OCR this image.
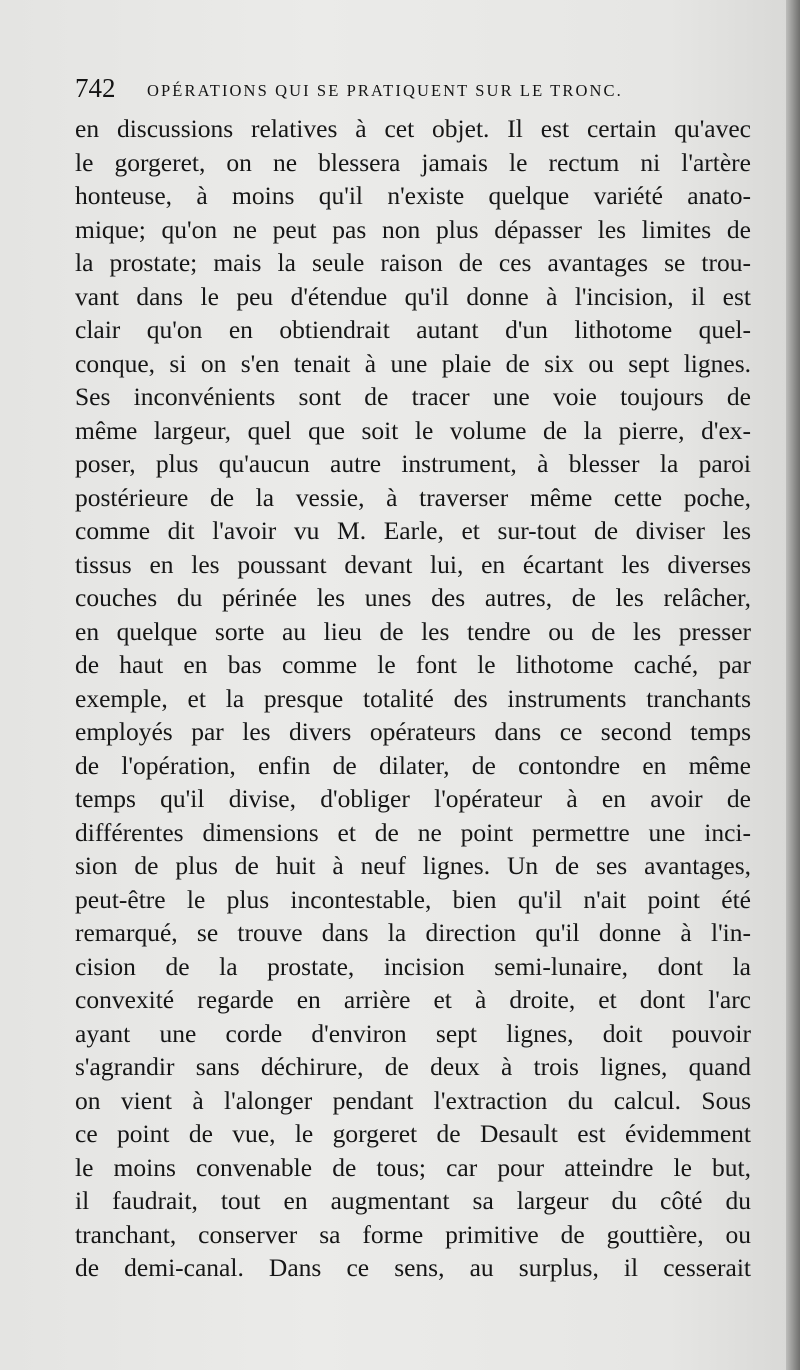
742 OPÉRATIONS QUI SE PRATIQUENT SUR LE TRONC.
en discussions relatives à cet objet. Il est certain qu'avec
le gorgeret, on ne blessera jamais le rectum ni l'artère
honteuse, à moins qu'il n'existe quelque variété anato-
mique; qu'on ne peut pas non plus dépasser les limites de
la prostate; mais la seule raison de ces avantages se trou-
vant dans le peu d'étendue qu'il donne à l'incision, il est
clair qu'on en obtiendrait autant d'un lithotome quel-
conque, si on s'en tenait à une plaie de six ou sept lignes.
Ses inconvénients sont de tracer une voie toujours de
même largeur, quel que soit le volume de la pierre, d'ex-
poser, plus qu'aucun autre instrument, à blesser la paroi
postérieure de la vessie, à traverser même cette poche,
comme dit l'avoir vu M. Earle, et sur-tout de diviser les
tissus en les poussant devant lui, en écartant les diverses
couches du périnée les unes des autres, de les relâcher,
en quelque sorte au lieu de les tendre ou de les presser
de haut en bas comme le font le lithotome caché, par
exemple, et la presque totalité des instruments tranchants
employés par les divers opérateurs dans ce second temps
de l'opération, enfin de dilater, de contondre en même
temps qu'il divise, d'obliger l'opérateur à en avoir de
différentes dimensions et de ne point permettre une inci-
sion de plus de huit à neuf lignes. Un de ses avantages,
peut-être le plus incontestable, bien qu'il n'ait point été
remarqué, se trouve dans la direction qu'il donne à l'in-
cision de la prostate, incision semi-lunaire, dont la
convexité regarde en arrière et à droite, et dont l'arc
ayant une corde d'environ sept lignes, doit pouvoir
s'agrandir sans déchirure, de deux à trois lignes, quand
on vient à l'alonger pendant l'extraction du calcul. Sous
ce point de vue, le gorgeret de Desault est évidemment
le moins convenable de tous; car pour atteindre le but,
il faudrait, tout en augmentant sa largeur du côté du
tranchant, conserver sa forme primitive de gouttière, ou
de demi-canal. Dans ce sens, au surplus, il cesserait
